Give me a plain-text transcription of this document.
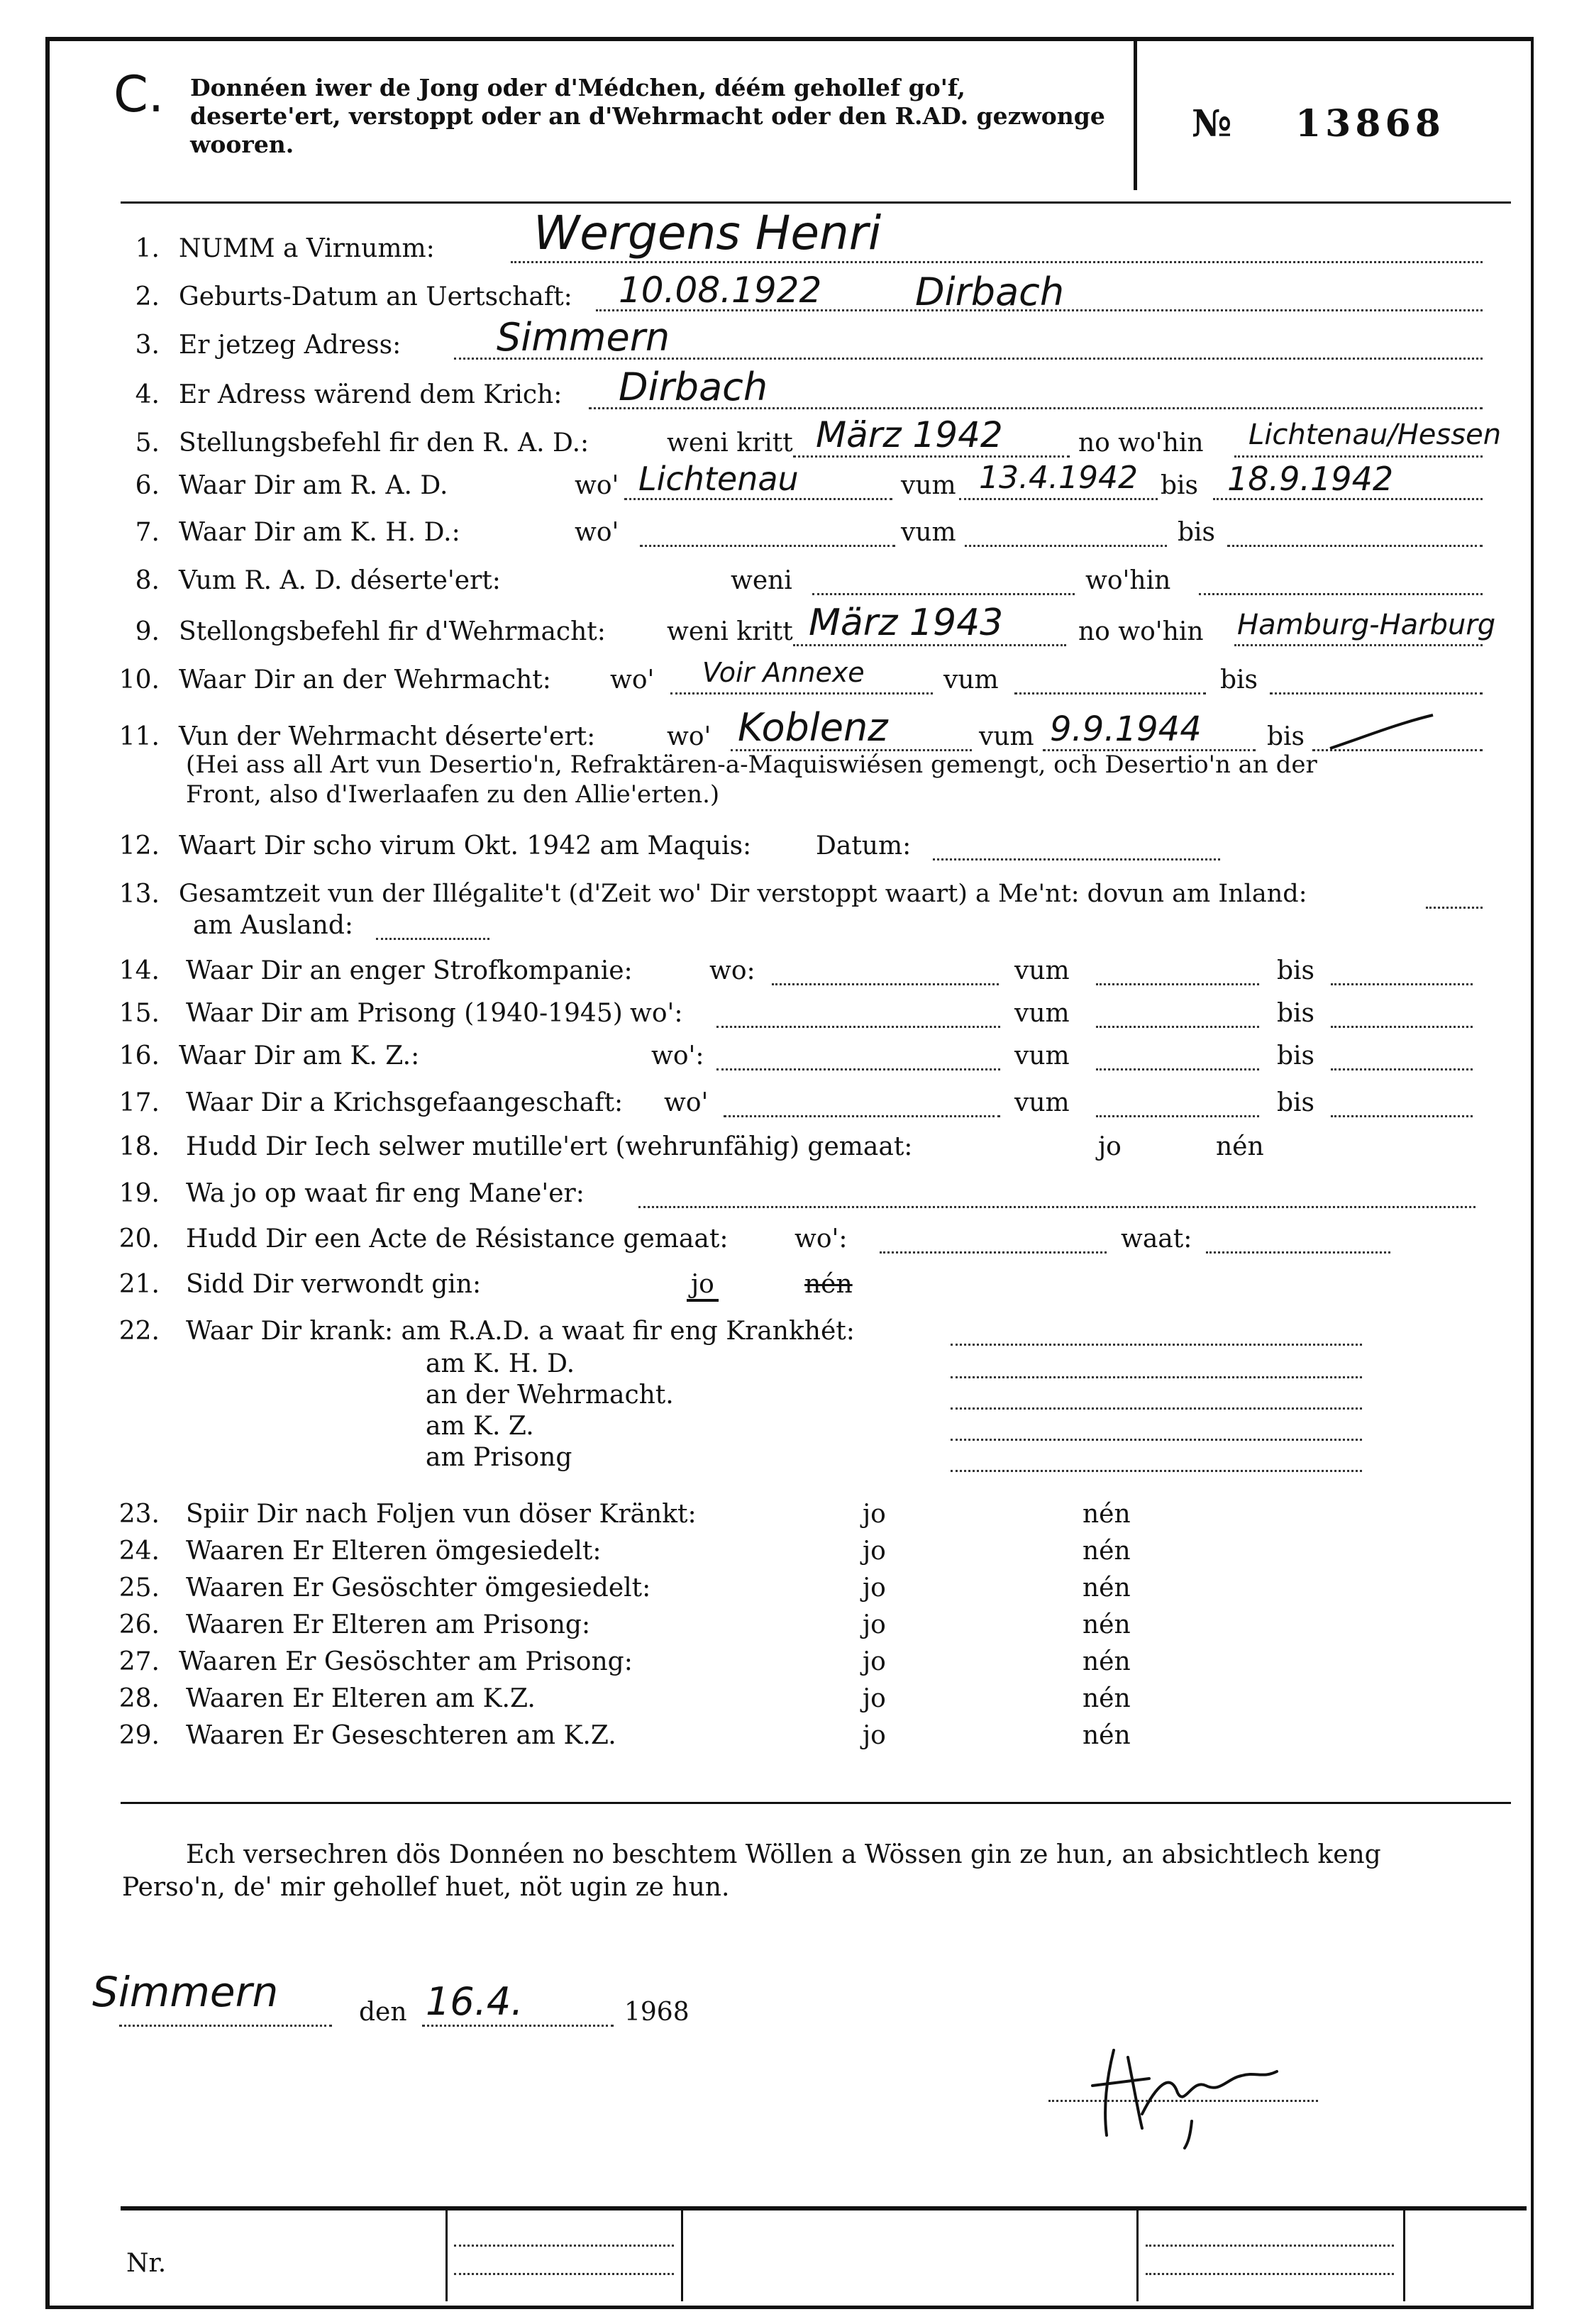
C. Donnéen iwer de Jong oder d'Médchen, déém gehollef go'f, deserte'ert, verstoppt oder an d'Wehrmacht oder den R.AD. gezwonge wooren.	№ 13868
1. NUMM a Virnumm: Wergens Henri
2. Geburts-Datum an Uertschaft: 10.08.1922 Dirbach
3. Er jetzeg Adress: Simmern
4. Er Adress wärend dem Krich: Dirbach
5. Stellungsbefehl fir den R. A. D.:	weni kritt März 1942	no wo'hin Lichtenau/Hessen
6. Waar Dir am R. A. D.	wo' Lichtenau	vum 13.4.1942 bis 18.9.1942
7. Waar Dir am K. H. D.:	wo'	vum	bis
8. Vum R. A. D. déserte'ert:	weni	wo'hin
9. Stellongsbefehl fir d'Wehrmacht: weni kritt März 1943	no wo'hin Hamburg-Harburg
10. Waar Dir an der Wehrmacht: wo' Voir Annexe	vum	bis
11. Vun der Wehrmacht déserte'ert:	wo' Koblenz	vum 9.9.1944	bis
(Hei ass all Art vun Desertio'n, Refraktären-a-Maquiswiésen gemengt, och Desertio'n an der
Front, also d'Iwerlaafen zu den Allie'erten.)
12. Waart Dir scho virum Okt. 1942 am Maquis:	Datum:
13. Gesamtzeit vun der Illégalite't (d'Zeit wo' Dir verstoppt waart) a Me'nt: dovun am Inland:
am Ausland:
14. Waar Dir an enger Strofkompanie:	wo:	vum	bis
15. Waar Dir am Prisong (1940-1945) wo':	vum	bis
16. Waar Dir am K. Z.:	wo':	vum	bis
17. Waar Dir a Krichsgefaangeschaft: wo'	vum	bis
18. Hudd Dir Iech selwer mutille'ert (wehrunfähig) gemaat:	jo	nén
19. Wa jo op waat fir eng Mane'er:
20. Hudd Dir een Acte de Résistance gemaat:	wo':	waat:
21. Sidd Dir verwondt gin:	jo	nén
22. Waar Dir krank: am R.A.D. a waat fir eng Krankhét:
am K. H. D.
an der Wehrmacht.
am K. Z.
am Prisong
23. Spiir Dir nach Foljen vun döser Kränkt:	jo	nén
24. Waaren Er Elteren ömgesiedelt:	jo	nén
25. Waaren Er Gesöschter ömgesiedelt:	jo	nén
26. Waaren Er Elteren am Prisong:	jo	nén
27. Waaren Er Gesöschter am Prisong:	jo	nén
28. Waaren Er Elteren am K.Z.	jo	nén
29. Waaren Er Geseschteren am K.Z.	jo	nén
Ech versechren dös Donnéen no beschtem Wöllen a Wössen gin ze hun, an absichtlech keng
Perso'n, de' mir gehollef huet, nöt ugin ze hun.
Simmern	den 16.4.	1968
Nr.
